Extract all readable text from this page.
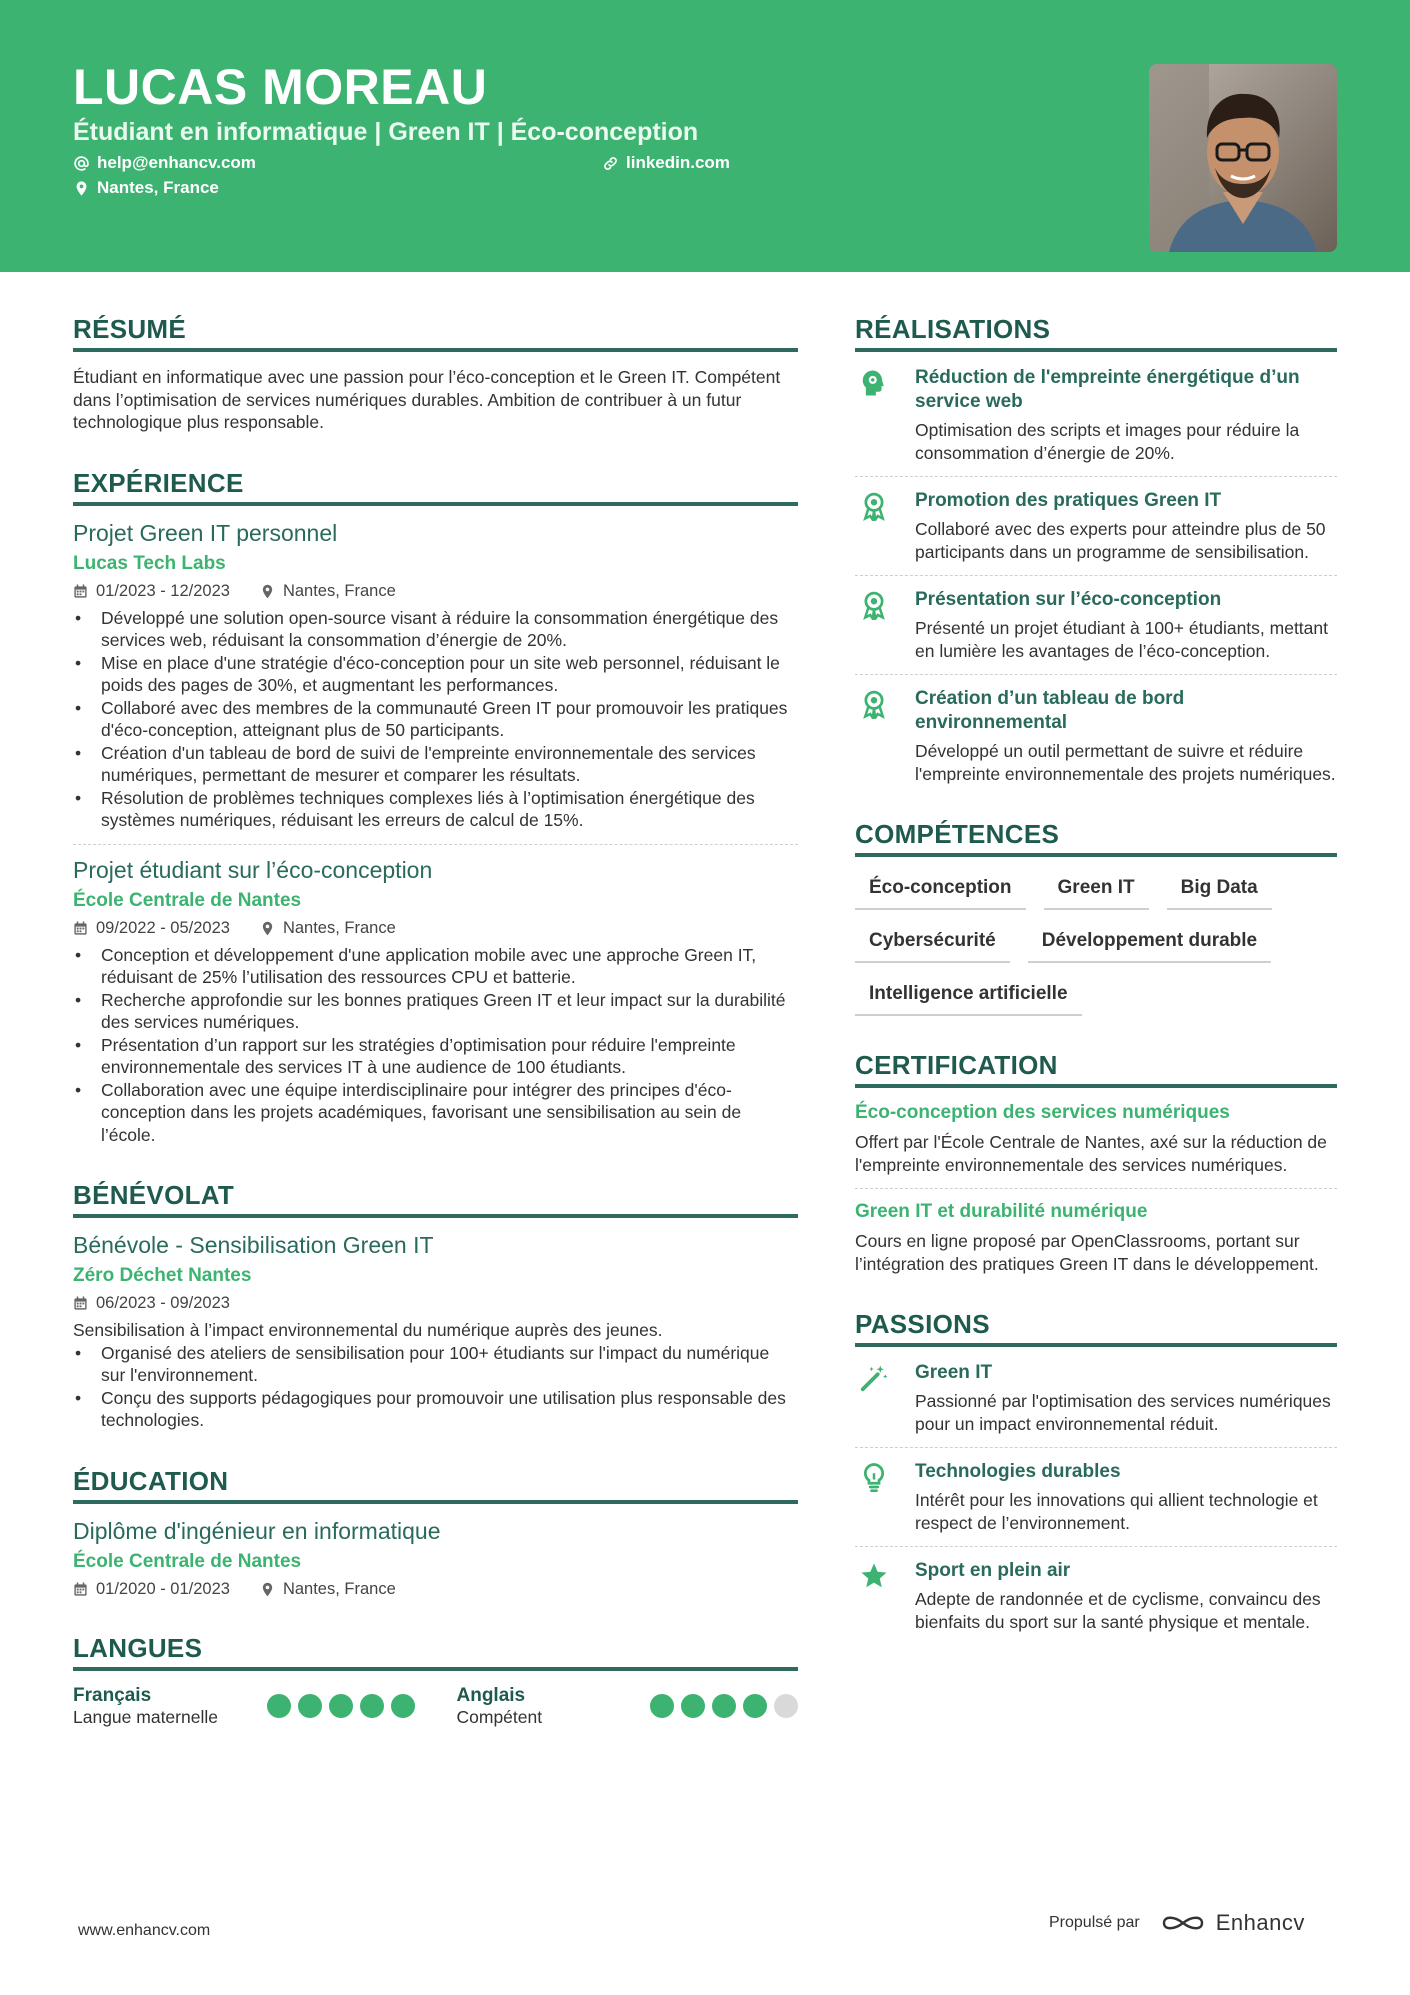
LUCAS MOREAU
Étudiant en informatique | Green IT | Éco-conception
help@enhancv.com	linkedin.com
Nantes, France
RÉSUMÉ
Étudiant en informatique avec une passion pour l’éco-conception et le Green IT. Compétent dans l’optimisation de services numériques durables. Ambition de contribuer à un futur technologique plus responsable.
EXPÉRIENCE
Projet Green IT personnel
Lucas Tech Labs
01/2023 - 12/2023	Nantes, France
• Développé une solution open-source visant à réduire la consommation énergétique des services web, réduisant la consommation d’énergie de 20%.
• Mise en place d'une stratégie d'éco-conception pour un site web personnel, réduisant le poids des pages de 30%, et augmentant les performances.
• Collaboré avec des membres de la communauté Green IT pour promouvoir les pratiques d'éco-conception, atteignant plus de 50 participants.
• Création d'un tableau de bord de suivi de l'empreinte environnementale des services numériques, permettant de mesurer et comparer les résultats.
• Résolution de problèmes techniques complexes liés à l’optimisation énergétique des systèmes numériques, réduisant les erreurs de calcul de 15%.
Projet étudiant sur l’éco-conception
École Centrale de Nantes
09/2022 - 05/2023	Nantes, France
• Conception et développement d'une application mobile avec une approche Green IT, réduisant de 25% l’utilisation des ressources CPU et batterie.
• Recherche approfondie sur les bonnes pratiques Green IT et leur impact sur la durabilité des services numériques.
• Présentation d’un rapport sur les stratégies d’optimisation pour réduire l'empreinte environnementale des services IT à une audience de 100 étudiants.
• Collaboration avec une équipe interdisciplinaire pour intégrer des principes d'éco-conception dans les projets académiques, favorisant une sensibilisation au sein de l’école.
BÉNÉVOLAT
Bénévole - Sensibilisation Green IT
Zéro Déchet Nantes
06/2023 - 09/2023
Sensibilisation à l’impact environnemental du numérique auprès des jeunes.
• Organisé des ateliers de sensibilisation pour 100+ étudiants sur l'impact du numérique sur l'environnement.
• Conçu des supports pédagogiques pour promouvoir une utilisation plus responsable des technologies.
ÉDUCATION
Diplôme d'ingénieur en informatique
École Centrale de Nantes
01/2020 - 01/2023	Nantes, France
LANGUES
Français
Langue maternelle
Anglais
Compétent
RÉALISATIONS
Réduction de l'empreinte énergétique d’un service web
Optimisation des scripts et images pour réduire la consommation d’énergie de 20%.
Promotion des pratiques Green IT
Collaboré avec des experts pour atteindre plus de 50 participants dans un programme de sensibilisation.
Présentation sur l’éco-conception
Présenté un projet étudiant à 100+ étudiants, mettant en lumière les avantages de l’éco-conception.
Création d’un tableau de bord environnemental
Développé un outil permettant de suivre et réduire l'empreinte environnementale des projets numériques.
COMPÉTENCES
Éco-conception	Green IT	Big Data
Cybersécurité	Développement durable
Intelligence artificielle
CERTIFICATION
Éco-conception des services numériques
Offert par l'École Centrale de Nantes, axé sur la réduction de l'empreinte environnementale des services numériques.
Green IT et durabilité numérique
Cours en ligne proposé par OpenClassrooms, portant sur l’intégration des pratiques Green IT dans le développement.
PASSIONS
Green IT
Passionné par l'optimisation des services numériques pour un impact environnemental réduit.
Technologies durables
Intérêt pour les innovations qui allient technologie et respect de l’environnement.
Sport en plein air
Adepte de randonnée et de cyclisme, convaincu des bienfaits du sport sur la santé physique et mentale.
www.enhancv.com	Propulsé par	Enhancv
